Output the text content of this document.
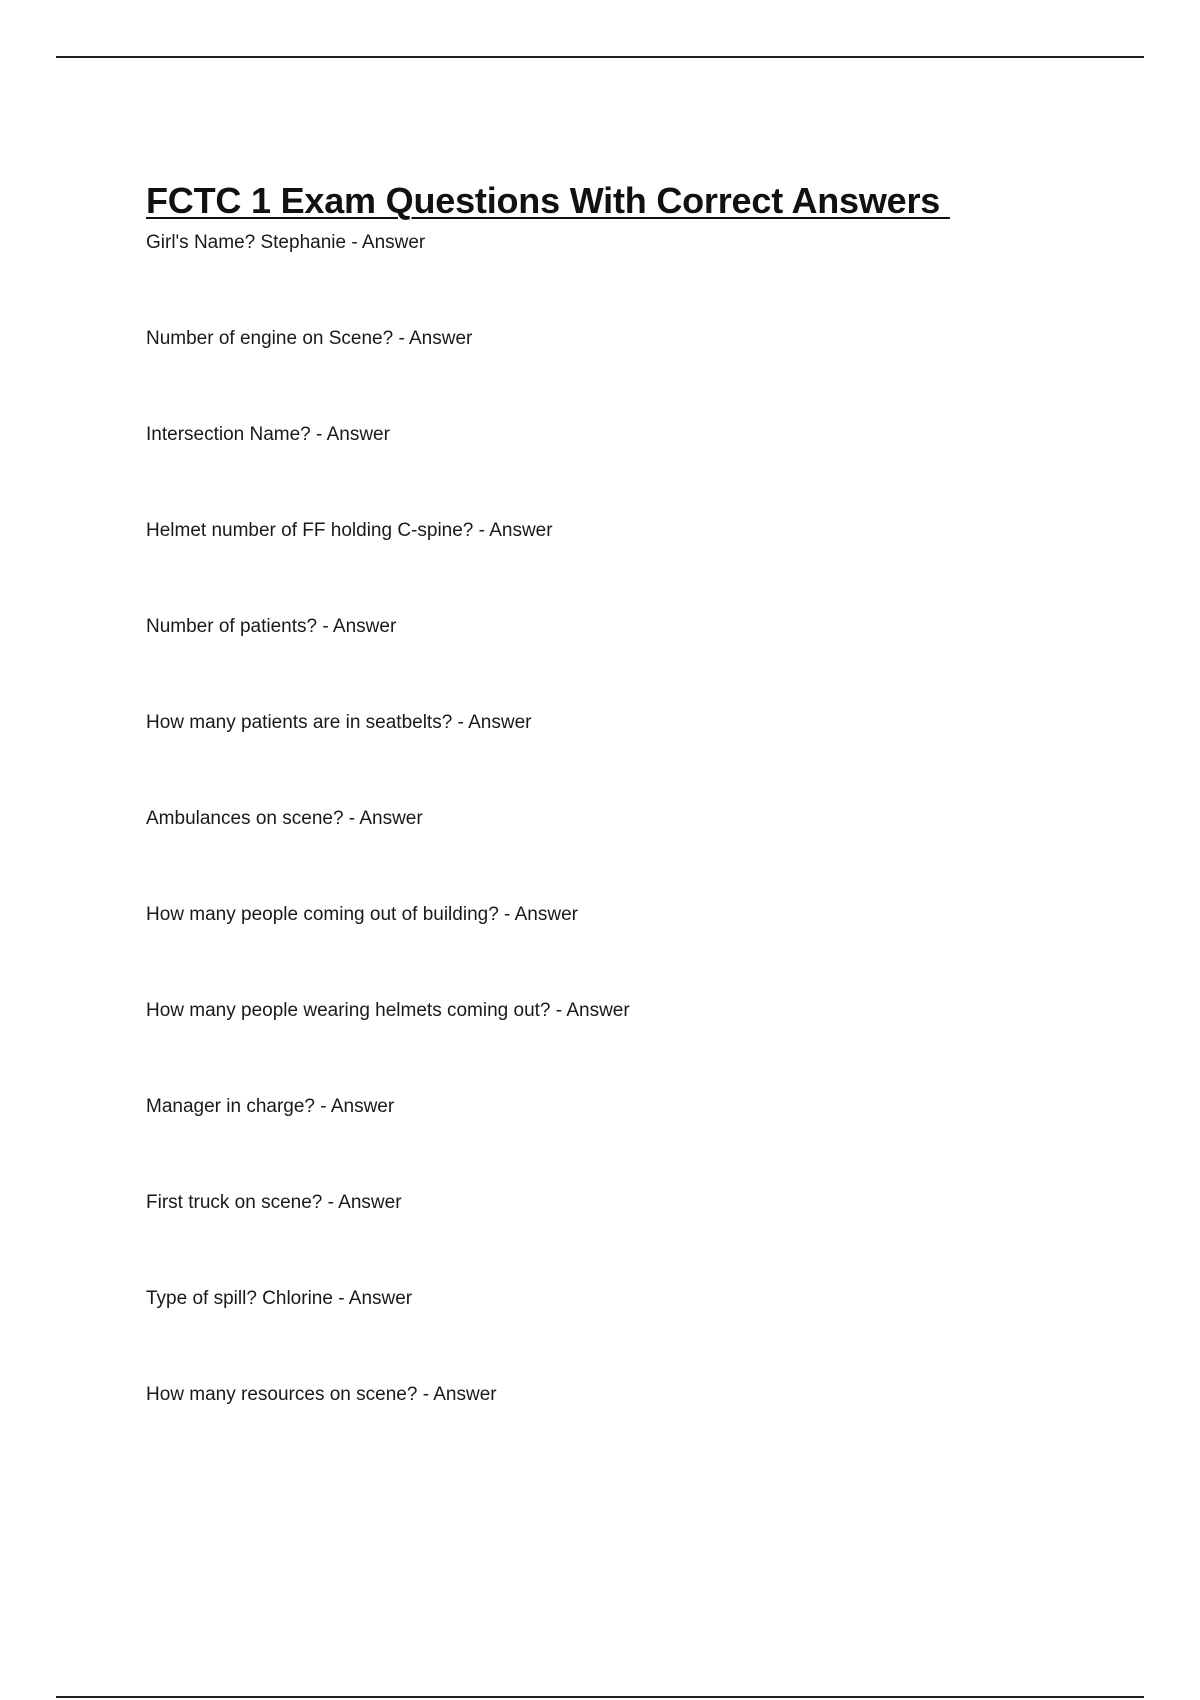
FCTC 1 Exam Questions With Correct Answers
Girl's Name? Stephanie - Answer
Number of engine on Scene? - Answer
Intersection Name? - Answer
Helmet number of FF holding C-spine? - Answer
Number of patients? - Answer
How many patients are in seatbelts? - Answer
Ambulances on scene? - Answer
How many people coming out of building? - Answer
How many people wearing helmets coming out? - Answer
Manager in charge? - Answer
First truck on scene? - Answer
Type of spill? Chlorine - Answer
How many resources on scene? - Answer
